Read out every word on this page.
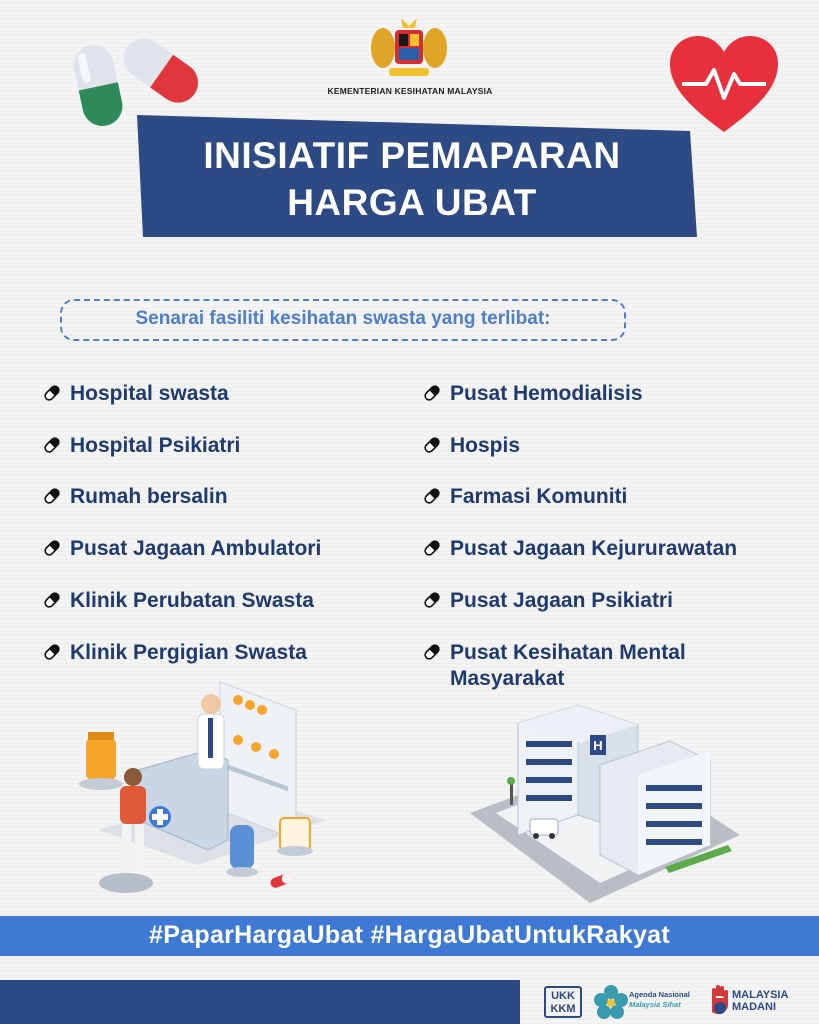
KEMENTERIAN KESIHATAN MALAYSIA
INISIATIF PEMAPARAN
HARGA UBAT
Senarai fasiliti kesihatan swasta yang terlibat:
Hospital swasta
Hospital Psikiatri
Rumah bersalin
Pusat Jagaan Ambulatori
Klinik Perubatan Swasta
Klinik Pergigian Swasta
Pusat Hemodialisis
Hospis
Farmasi Komuniti
Pusat Jagaan Kejururawatan
Pusat Jagaan Psikiatri
Pusat Kesihatan Mental Masyarakat
H
#PaparHargaUbat #HargaUbatUntukRakyat
UKK
KKM
Agenda Nasional
Malaysia Sihat
MALAYSIA
MADANI
